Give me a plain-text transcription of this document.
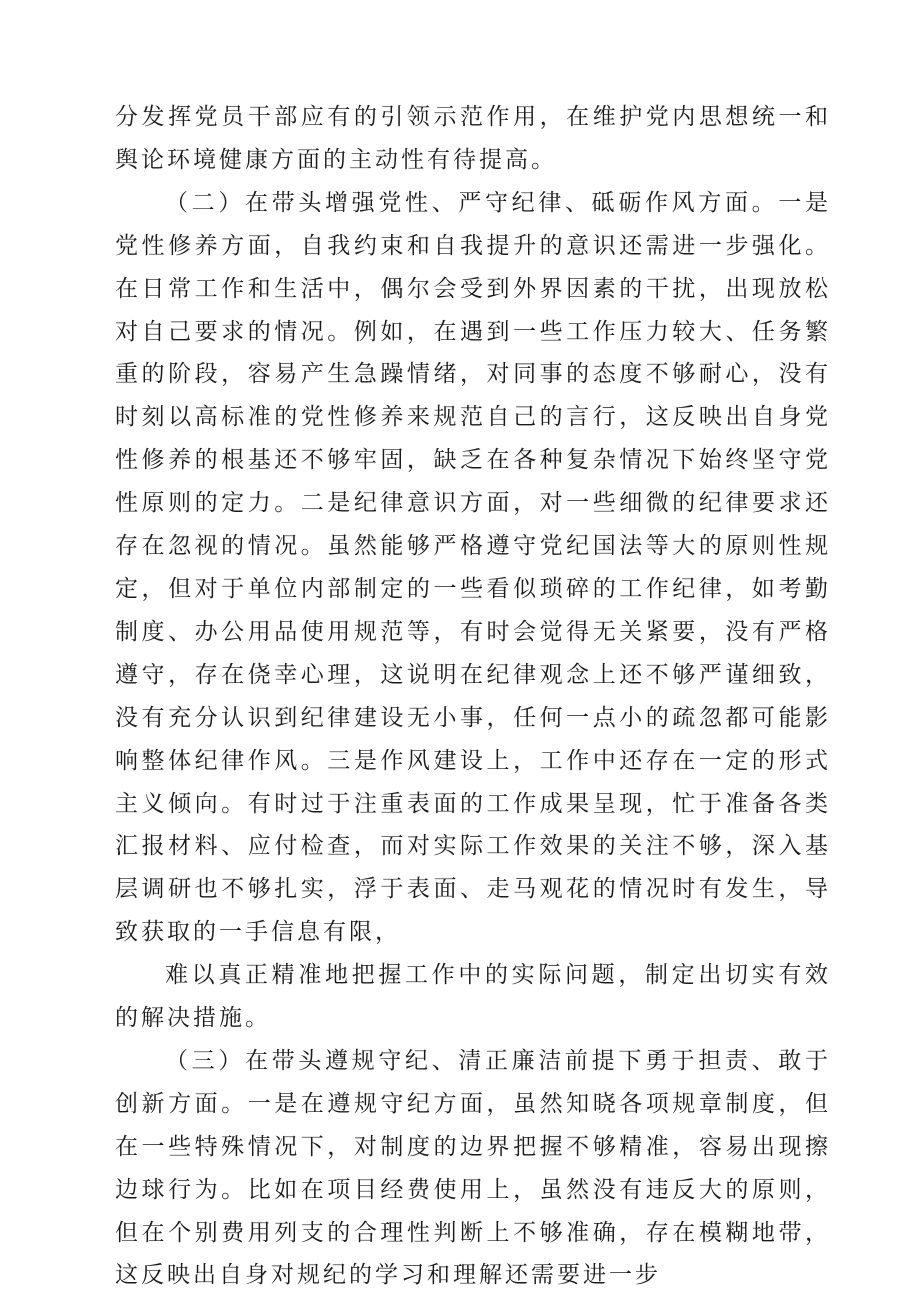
分发挥党员干部应有的引领示范作用，在维护党内思想统一和舆论环境健康方面的主动性有待提高。

（二）在带头增强党性、严守纪律、砥砺作风方面。一是党性修养方面，自我约束和自我提升的意识还需进一步强化。在日常工作和生活中，偶尔会受到外界因素的干扰，出现放松对自己要求的情况。例如，在遇到一些工作压力较大、任务繁重的阶段，容易产生急躁情绪，对同事的态度不够耐心，没有时刻以高标准的党性修养来规范自己的言行，这反映出自身党性修养的根基还不够牢固，缺乏在各种复杂情况下始终坚守党性原则的定力。二是纪律意识方面，对一些细微的纪律要求还存在忽视的情况。虽然能够严格遵守党纪国法等大的原则性规定，但对于单位内部制定的一些看似琐碎的工作纪律，如考勤制度、办公用品使用规范等，有时会觉得无关紧要，没有严格遵守，存在侥幸心理，这说明在纪律观念上还不够严谨细致，没有充分认识到纪律建设无小事，任何一点小的疏忽都可能影响整体纪律作风。三是作风建设上，工作中还存在一定的形式主义倾向。有时过于注重表面的工作成果呈现，忙于准备各类汇报材料、应付检查，而对实际工作效果的关注不够，深入基层调研也不够扎实，浮于表面、走马观花的情况时有发生，导致获取的一手信息有限，

难以真正精准地把握工作中的实际问题，制定出切实有效的解决措施。

（三）在带头遵规守纪、清正廉洁前提下勇于担责、敢于创新方面。一是在遵规守纪方面，虽然知晓各项规章制度，但在一些特殊情况下，对制度的边界把握不够精准，容易出现擦边球行为。比如在项目经费使用上，虽然没有违反大的原则，但在个别费用列支的合理性判断上不够准确，存在模糊地带，这反映出自身对规纪的学习和理解还需要进一步
